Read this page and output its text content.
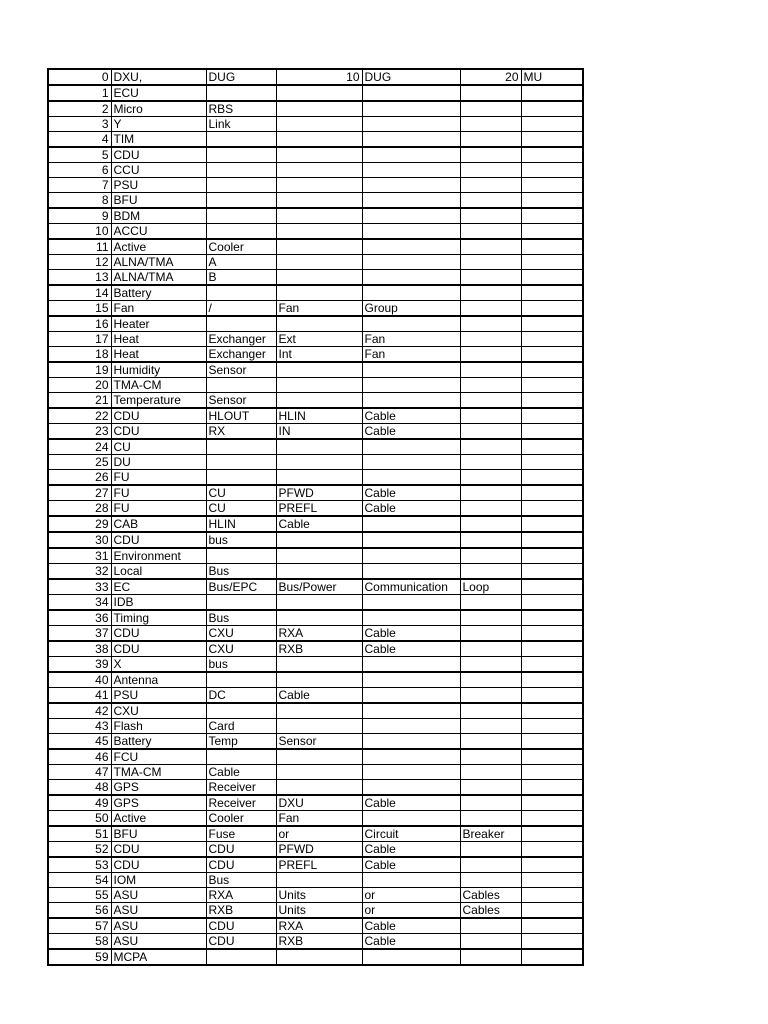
0	DXU,	DUG	10	DUG	20	MU
1	ECU					
2	Micro	RBS				
3	Y	Link				
4	TIM					
5	CDU					
6	CCU					
7	PSU					
8	BFU					
9	BDM					
10	ACCU					
11	Active	Cooler				
12	ALNA/TMA	A				
13	ALNA/TMA	B				
14	Battery					
15	Fan	/	Fan	Group		
16	Heater					
17	Heat	Exchanger	Ext	Fan		
18	Heat	Exchanger	Int	Fan		
19	Humidity	Sensor				
20	TMA-CM					
21	Temperature	Sensor				
22	CDU	HLOUT	HLIN	Cable		
23	CDU	RX	IN	Cable		
24	CU					
25	DU					
26	FU					
27	FU	CU	PFWD	Cable		
28	FU	CU	PREFL	Cable		
29	CAB	HLIN	Cable			
30	CDU	bus				
31	Environment					
32	Local	Bus				
33	EC	Bus/EPC	Bus/Power	Communication	Loop	
34	IDB					
36	Timing	Bus				
37	CDU	CXU	RXA	Cable		
38	CDU	CXU	RXB	Cable		
39	X	bus				
40	Antenna					
41	PSU	DC	Cable			
42	CXU					
43	Flash	Card				
45	Battery	Temp	Sensor			
46	FCU					
47	TMA-CM	Cable				
48	GPS	Receiver				
49	GPS	Receiver	DXU	Cable		
50	Active	Cooler	Fan			
51	BFU	Fuse	or	Circuit	Breaker	
52	CDU	CDU	PFWD	Cable		
53	CDU	CDU	PREFL	Cable		
54	IOM	Bus				
55	ASU	RXA	Units	or	Cables	
56	ASU	RXB	Units	or	Cables	
57	ASU	CDU	RXA	Cable		
58	ASU	CDU	RXB	Cable		
59	MCPA					
